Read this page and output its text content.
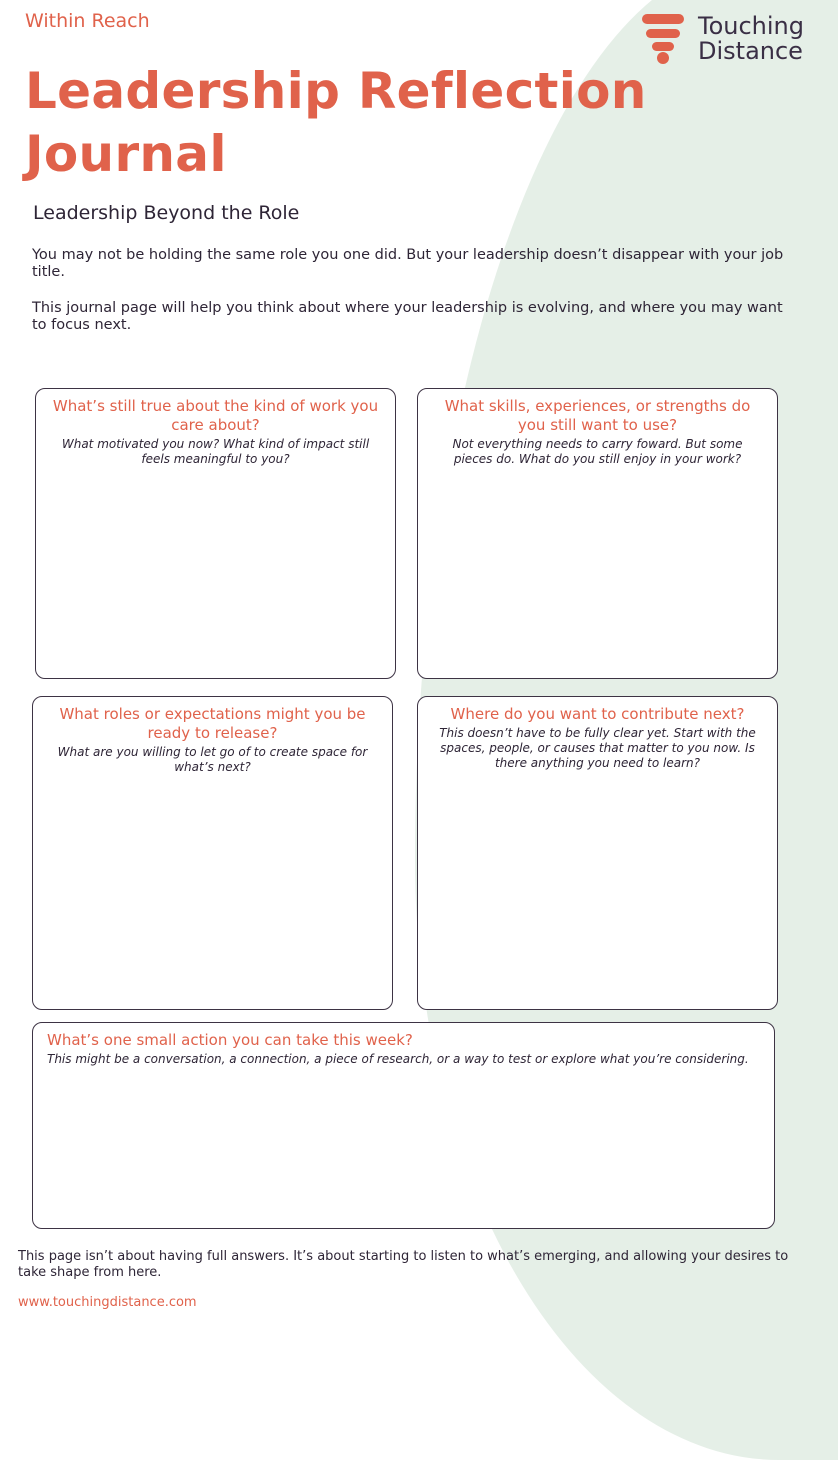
Within Reach	Touching
Distance
Leadership Reflection Journal
Leadership Beyond the Role
You may not be holding the same role you one did. But your leadership doesn’t disappear with your job title.
This journal page will help you think about where your leadership is evolving, and where you may want to focus next.
What’s still true about the kind of work you care about?
What motivated you now? What kind of impact still feels meaningful to you?
What skills, experiences, or strengths do you still want to use?
Not everything needs to carry foward. But some pieces do. What do you still enjoy in your work?
What roles or expectations might you be ready to release?
What are you willing to let go of to create space for what’s next?
Where do you want to contribute next?
This doesn’t have to be fully clear yet. Start with the spaces, people, or causes that matter to you now. Is there anything you need to learn?
What’s one small action you can take this week?
This might be a conversation, a connection, a piece of research, or a way to test or explore what you’re considering.
This page isn’t about having full answers. It’s about starting to listen to what’s emerging, and allowing your desires to take shape from here.
www.touchingdistance.com
